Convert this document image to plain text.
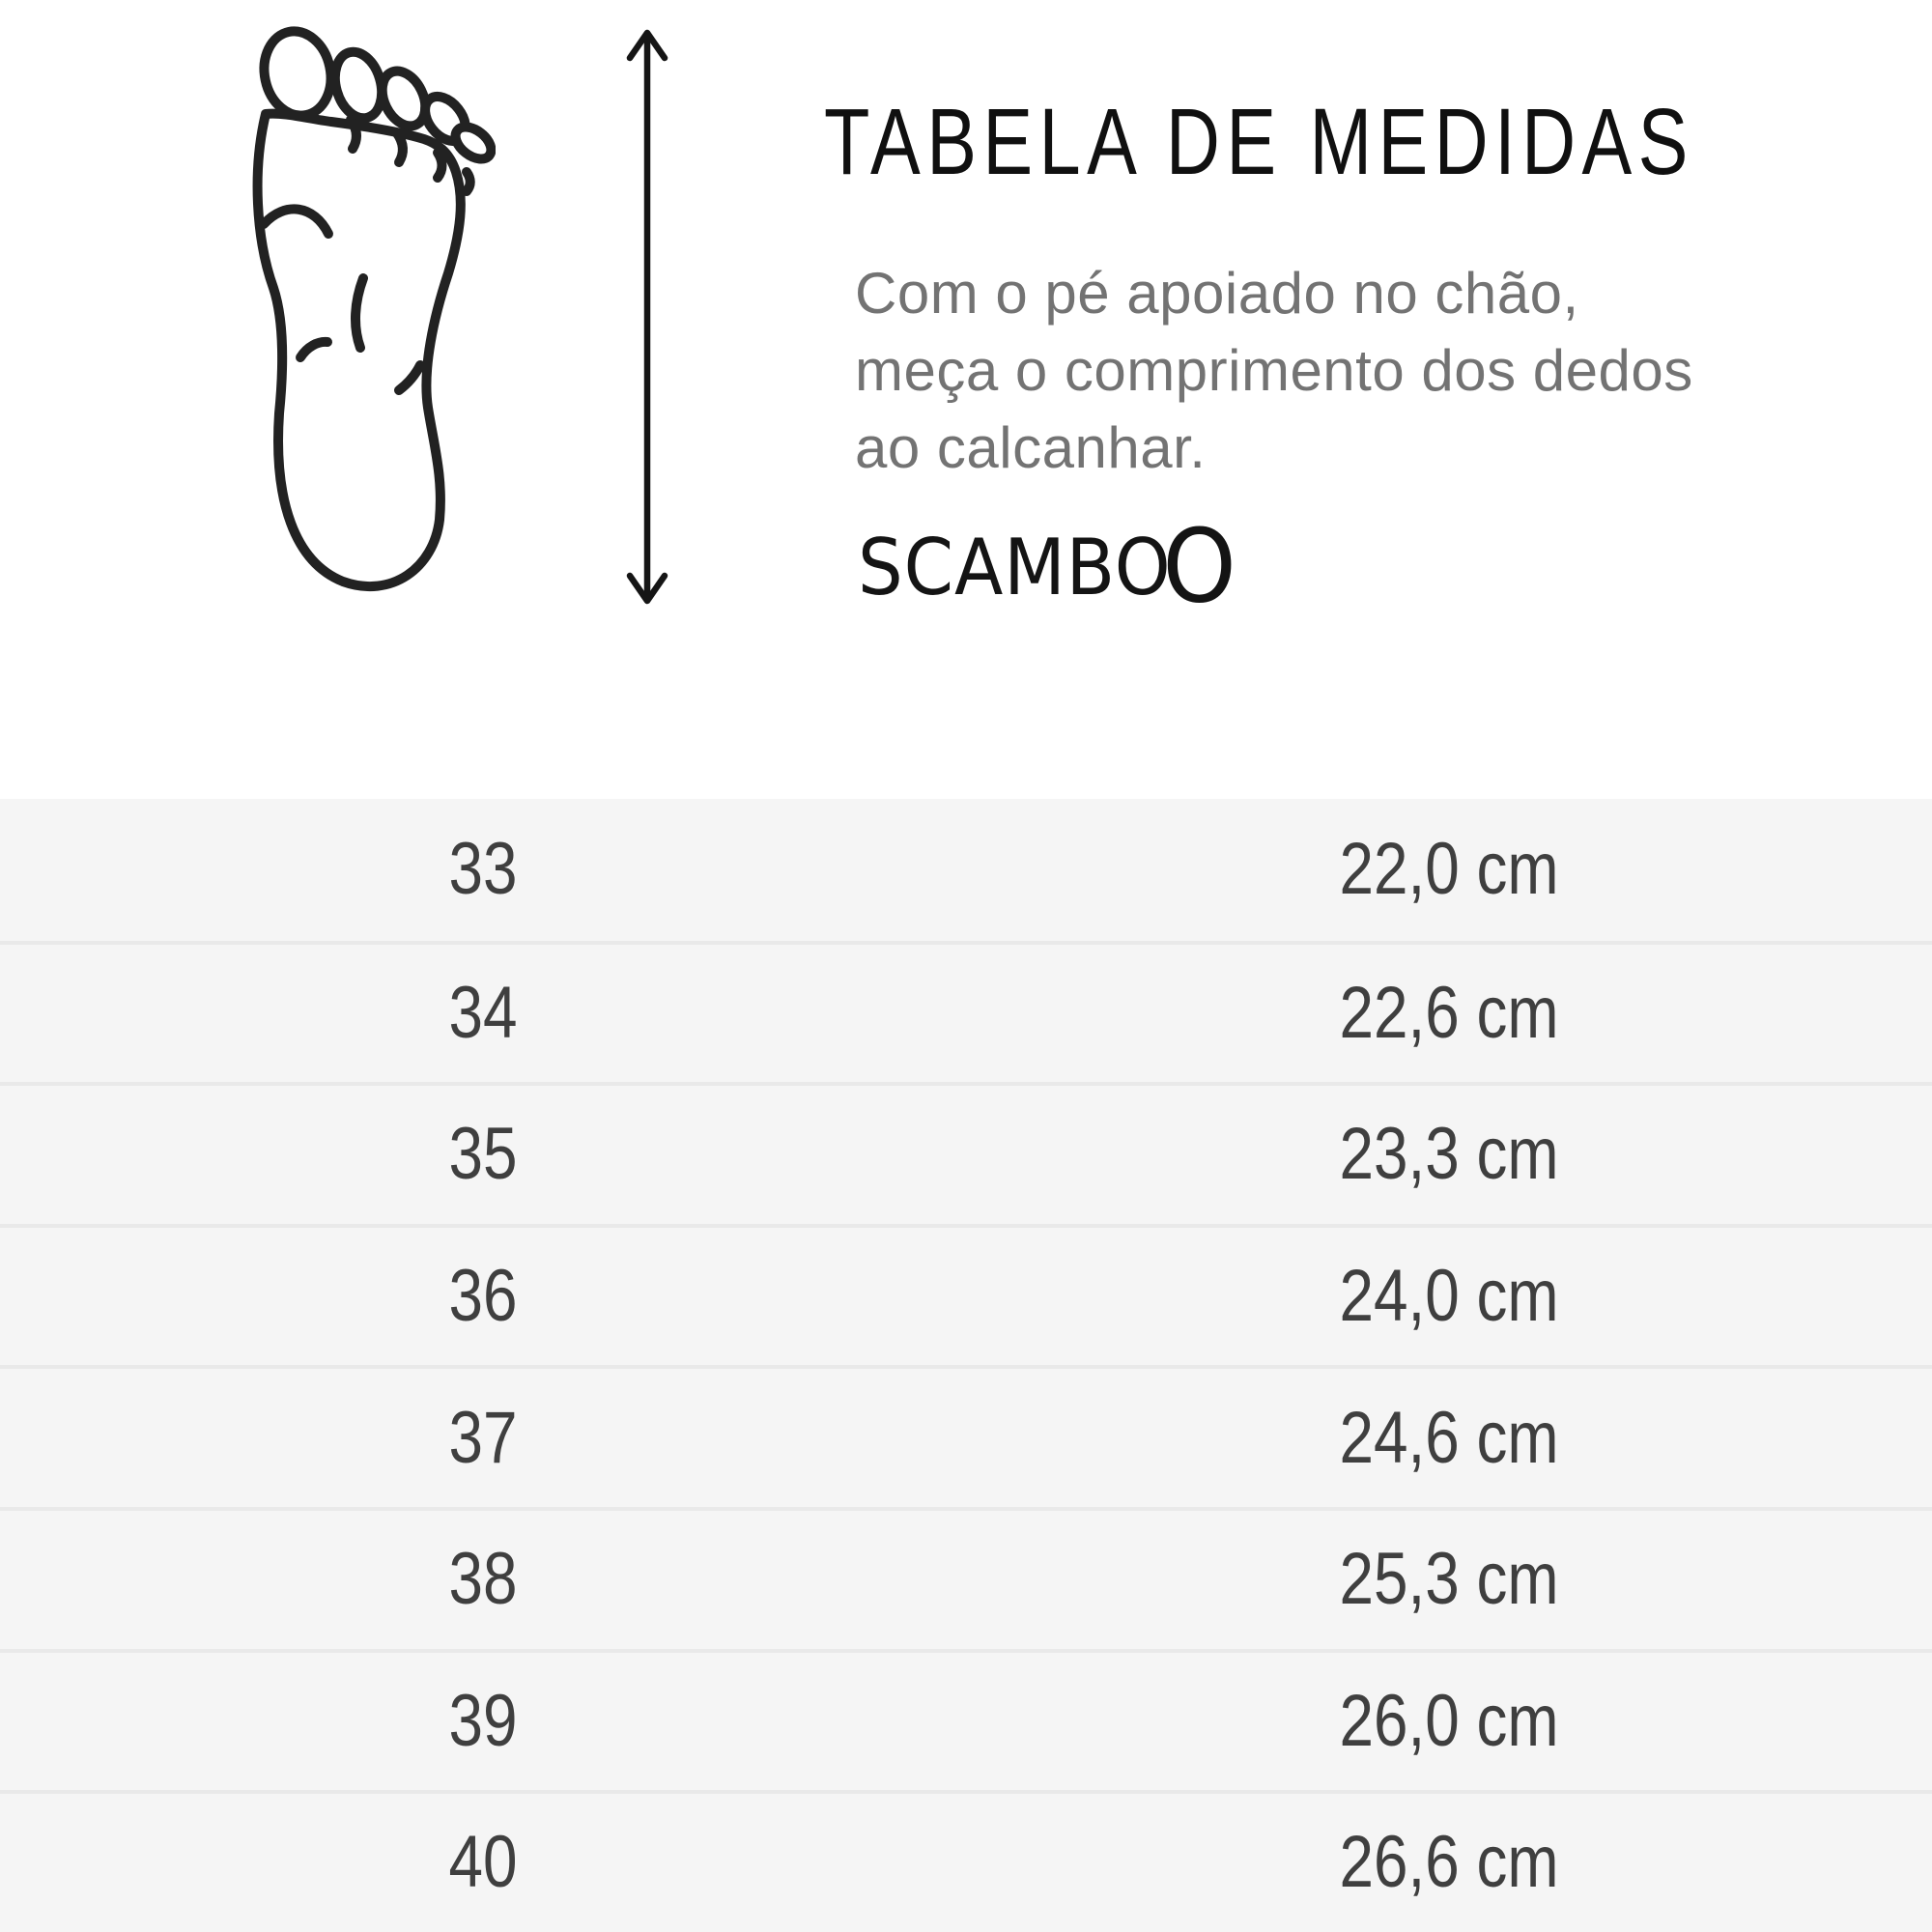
TABELA DE MEDIDAS
Com o pé apoiado no chão,
meça o comprimento dos dedos
ao calcanhar.
SCAMBOO
33	22,0 cm
34	22,6 cm
35	23,3 cm
36	24,0 cm
37	24,6 cm
38	25,3 cm
39	26,0 cm
40	26,6 cm
